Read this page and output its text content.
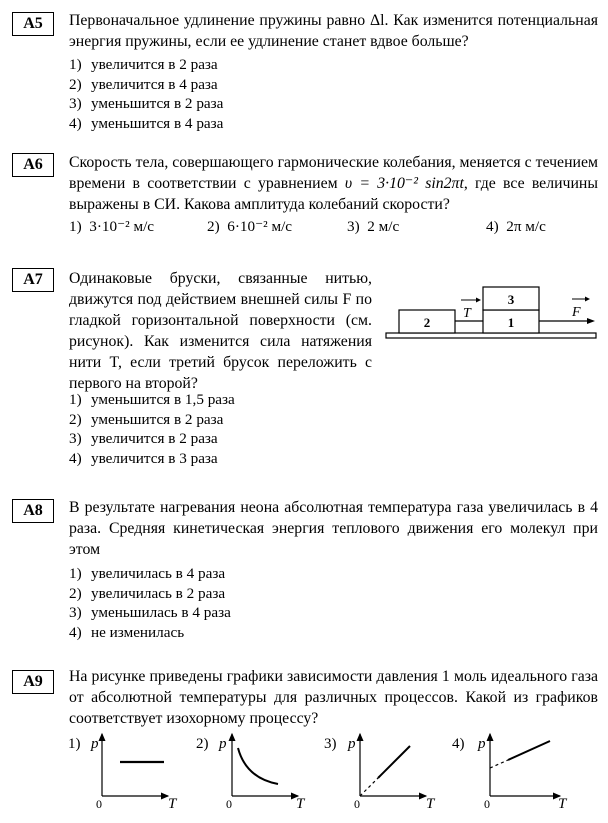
A5	Первоначальное удлинение пружины равно Δl. Как изменится потенциальная энергия пружины, если ее удлинение станет вдвое больше?
1) увеличится в 2 раза
2) увеличится в 4 раза
3) уменьшится в 2 раза
4) уменьшится в 4 раза
A6	Скорость тела, совершающего гармонические колебания, меняется с течением времени в соответствии с уравнением υ = 3·10⁻² sin2πt, где все величины выражены в СИ. Какова амплитуда колебаний скорости?
1) 3·10⁻² м/с	2) 6·10⁻² м/с	3) 2 м/с	4) 2π м/с
A7	Одинаковые бруски, связанные нитью, движутся под действием внешней силы F по гладкой горизонтальной поверхности (см. рисунок). Как изменится сила натяжения нити T, если третий брусок переложить с первого на второй?
2	1
3
T	F
1) уменьшится в 1,5 раза
2) уменьшится в 2 раза
3) увеличится в 2 раза
4) увеличится в 3 раза
A8	В результате нагревания неона абсолютная температура газа увеличилась в 4 раза. Средняя кинетическая энергия теплового движения его молекул при этом
1) увеличилась в 4 раза
2) увеличилась в 2 раза
3) уменьшилась в 4 раза
4) не изменилась
A9	На рисунке приведены графики зависимости давления 1 моль идеального газа от абсолютной температуры для различных процессов. Какой из графиков соответствует изохорному процессу?
1) p
0	T
2) p
0	T
3) p
0	T
4) p
0	T
